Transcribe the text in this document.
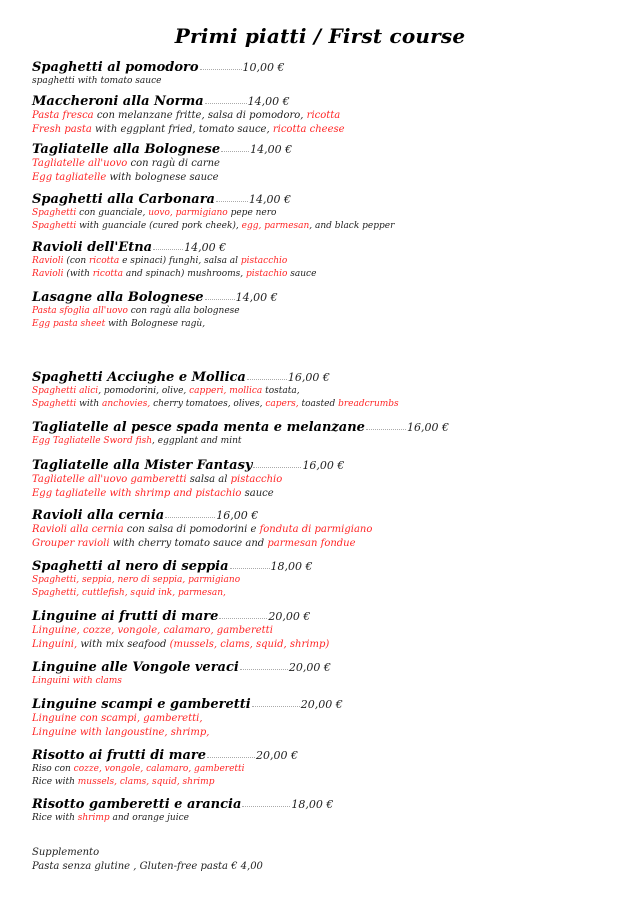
Primi piatti / First course
Spaghetti al pomodoro	10,00 €
spaghetti with tomato sauce
Maccheroni alla Norma	14,00 €
Pasta fresca con melanzane fritte, salsa di pomodoro, ricotta
Fresh pasta with eggplant fried, tomato sauce, ricotta cheese
Tagliatelle alla Bolognese	14,00 €
Tagliatelle all'uovo con ragù di carne
Egg tagliatelle with bolognese sauce
Spaghetti alla Carbonara	14,00 €
Spaghetti con guanciale, uovo, parmigiano pepe nero
Spaghetti with guanciale (cured pork cheek), egg, parmesan, and black pepper
Ravioli dell'Etna	14,00 €
Ravioli (con ricotta e spinaci) funghi, salsa al pistacchio
Ravioli (with ricotta and spinach) mushrooms, pistachio sauce
Lasagne alla Bolognese	14,00 €
Pasta sfoglia all'uovo con ragù alla bolognese
Egg pasta sheet with Bolognese ragù,
Spaghetti Acciughe e Mollica	16,00 €
Spaghetti alici, pomodorini, olive, capperi, mollica tostata,
Spaghetti with anchovies, cherry tomatoes, olives, capers, toasted breadcrumbs
Tagliatelle al pesce spada menta e melanzane	16,00 €
Egg Tagliatelle Sword fish, eggplant and mint
Tagliatelle alla Mister Fantasy	16,00 €
Tagliatelle all'uovo gamberetti salsa al pistacchio
Egg tagliatelle with shrimp and pistachio sauce
Ravioli alla cernia	16,00 €
Ravioli alla cernia con salsa di pomodorini e fonduta di parmigiano
Grouper ravioli with cherry tomato sauce and parmesan fondue
Spaghetti al nero di seppia	18,00 €
Spaghetti, seppia, nero di seppia, parmigiano
Spaghetti, cuttlefish, squid ink, parmesan,
Linguine ai frutti di mare	20,00 €
Linguine, cozze, vongole, calamaro, gamberetti
Linguini, with mix seafood (mussels, clams, squid, shrimp)
Linguine alle Vongole veraci	20,00 €
Linguini with clams
Linguine scampi e gamberetti	20,00 €
Linguine con scampi, gamberetti,
Linguine with langoustine, shrimp,
Risotto ai frutti di mare	20,00 €
Riso con cozze, vongole, calamaro, gamberetti
Rice with mussels, clams, squid, shrimp
Risotto gamberetti e arancia	18,00 €
Rice with shrimp and orange juice
Supplemento
Pasta senza glutine , Gluten-free pasta € 4,00
